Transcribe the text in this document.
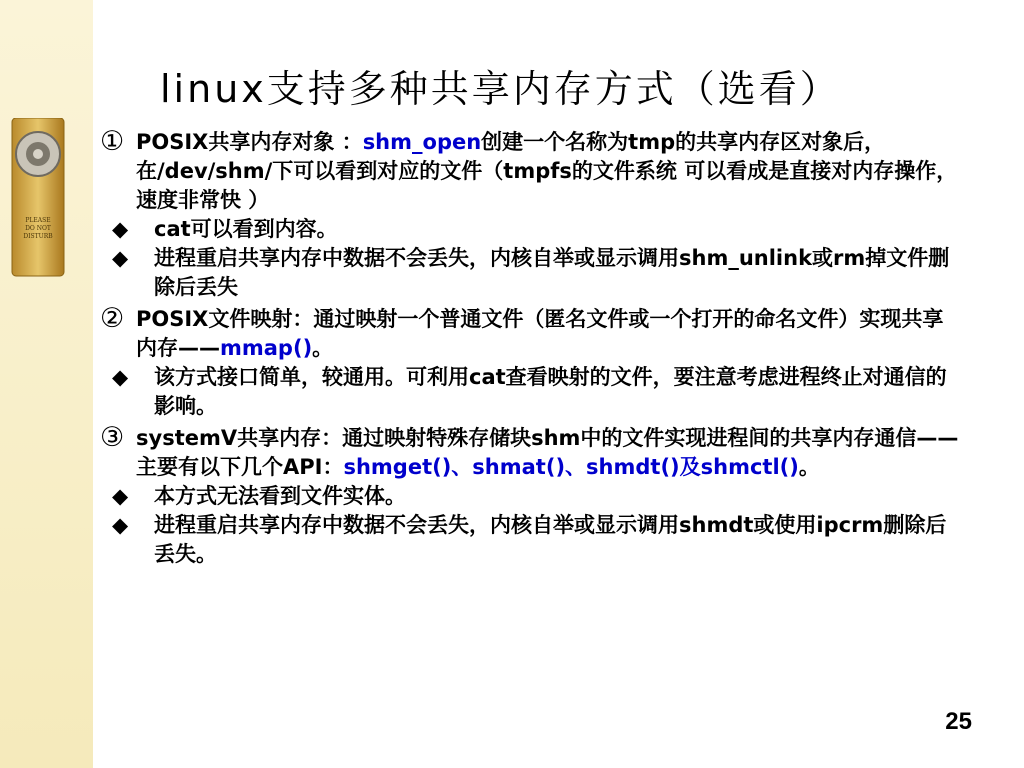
PLEASE
DO NOT
DISTURB
linux支持多种共享内存方式（选看）
① POSIX共享内存对象 ：shm_open创建一个名称为tmp的共享内存区对象后，在/dev/shm/下可以看到对应的文件（tmpfs的文件系统 可以看成是直接对内存操作，速度非常快 ）
◆ cat可以看到内容。
◆ 进程重启共享内存中数据不会丢失，内核自举或显示调用shm_unlink或rm掉文件删除后丢失
② POSIX文件映射：通过映射一个普通文件（匿名文件或一个打开的命名文件）实现共享内存——mmap()。
◆ 该方式接口简单，较通用。可利用cat查看映射的文件，要注意考虑进程终止对通信的影响。
③ systemV共享内存：通过映射特殊存储块shm中的文件实现进程间的共享内存通信——主要有以下几个API：shmget()、shmat()、shmdt()及shmctl()。
◆ 本方式无法看到文件实体。
◆ 进程重启共享内存中数据不会丢失，内核自举或显示调用shmdt或使用ipcrm删除后丢失。
25
